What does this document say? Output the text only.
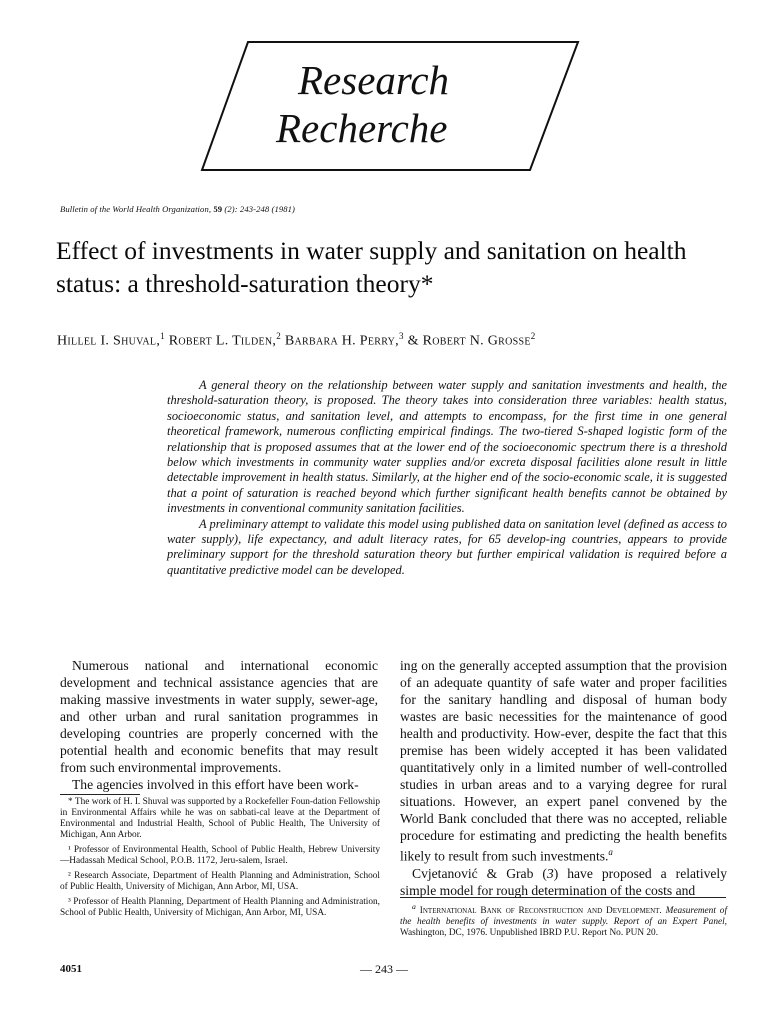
Research
Recherche
Bulletin of the World Health Organization, 59 (2): 243-248 (1981)
Effect of investments in water supply and sanitation on health status: a threshold-saturation theory*
Hillel I. Shuval,$^1$ Robert L. Tilden,$^2$ Barbara H. Perry,$^3$ & Robert N. Grosse$^2$

A general theory on the relationship between water supply and sanitation investments and health, the threshold-saturation theory, is proposed. The theory takes into consideration three variables: health status, socioeconomic status, and sanitation level, and attempts to encompass, for the first time in one general theoretical framework, numerous conflicting empirical findings. The two-tiered S-shaped logistic form of the relationship that is proposed assumes that at the lower end of the socioeconomic spectrum there is a threshold below which investments in community water supplies and/or excreta disposal facilities alone result in little detectable improvement in health status. Similarly, at the higher end of the socio-economic scale, it is suggested that a point of saturation is reached beyond which further significant health benefits cannot be obtained by investments in conventional community sanitation facilities.

A preliminary attempt to validate this model using published data on sanitation level (defined as access to water supply), life expectancy, and adult literacy rates, for 65 develop-ing countries, appears to provide preliminary support for the threshold saturation theory but further empirical validation is required before a quantitative predictive model can be developed.

Numerous national and international economic development and technical assistance agencies that are making massive investments in water supply, sewer-age, and other urban and rural sanitation programmes in developing countries are properly concerned with the potential health and economic benefits that may result from such environmental improvements.

The agencies involved in this effort have been work-

* The work of H. I. Shuval was supported by a Rockefeller Foun-dation Fellowship in Environmental Affairs while he was on sabbati-cal leave at the Department of Environmental and Industrial Health, School of Public Health, The University of Michigan, Ann Arbor.

¹ Professor of Environmental Health, School of Public Health, Hebrew University—Hadassah Medical School, P.O.B. 1172, Jeru-salem, Israel.

² Research Associate, Department of Health Planning and Administration, School of Public Health, University of Michigan, Ann Arbor, MI, USA.

³ Professor of Health Planning, Department of Health Planning and Administration, School of Public Health, University of Michigan, Ann Arbor, MI, USA.

ing on the generally accepted assumption that the provision of an adequate quantity of safe water and proper facilities for the sanitary handling and disposal of human body wastes are basic necessities for the maintenance of good health and productivity. How-ever, despite the fact that this premise has been widely accepted it has been validated quantitatively only in a limited number of well-controlled studies in urban areas and to a varying degree for rural situations. However, an expert panel convened by the World Bank concluded that there was no accepted, reliable procedure for estimating and predicting the health benefits likely to result from such investments.$^a$

Cvjetanović & Grab (3) have proposed a relatively simple model for rough determination of the costs and

$^a$ International Bank of Reconstruction and Development. Measurement of the health benefits of investments in water supply. Report of an Expert Panel, Washington, DC, 1976. Unpublished IBRD P.U. Report No. PUN 20.

4051	— 243 —
